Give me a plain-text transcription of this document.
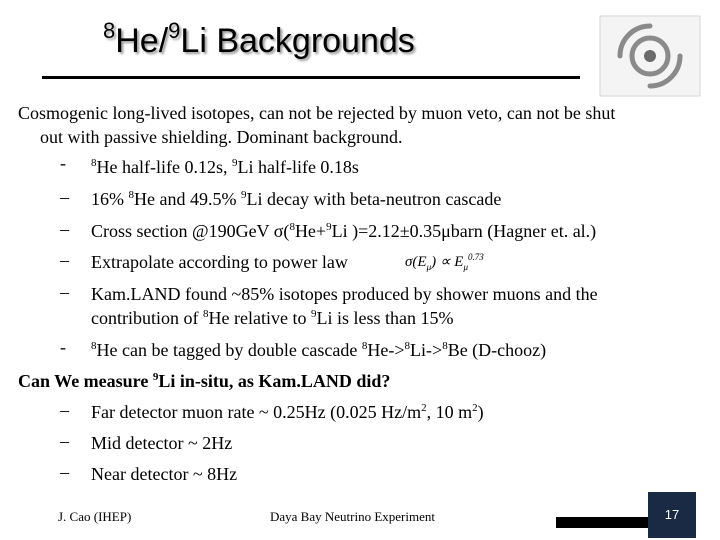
$^8$He/$^9$Li Backgrounds
Cosmogenic long-lived isotopes, can not be rejected by muon veto, can not be shut
out with passive shielding. Dominant background.
- $^8$He half-life 0.12s, $^9$Li half-life 0.18s
– 16% $^8$He and 49.5% $^9$Li decay with beta-neutron cascade
– Cross section @190GeV σ($^8$He+$^9$Li )=2.12±0.35μbarn (Hagner et. al.)
– Extrapolate according to power law	$\sigma(E_\mu) \propto E_\mu^{0.73}$
– Kam.LAND found ~85% isotopes produced by shower muons and the
contribution of $^8$He relative to $^9$Li is less than 15%
- $^8$He can be tagged by double cascade $^8$He->$^8$Li->$^8$Be (D-chooz)
Can We measure $^9$Li in-situ, as Kam.LAND did?
– Far detector muon rate ~ 0.25Hz (0.025 $Hz/m^2$, 10 $m^2$)
– Mid detector ~ 2Hz
– Near detector ~ 8Hz
J. Cao (IHEP)	Daya Bay Neutrino Experiment	17
